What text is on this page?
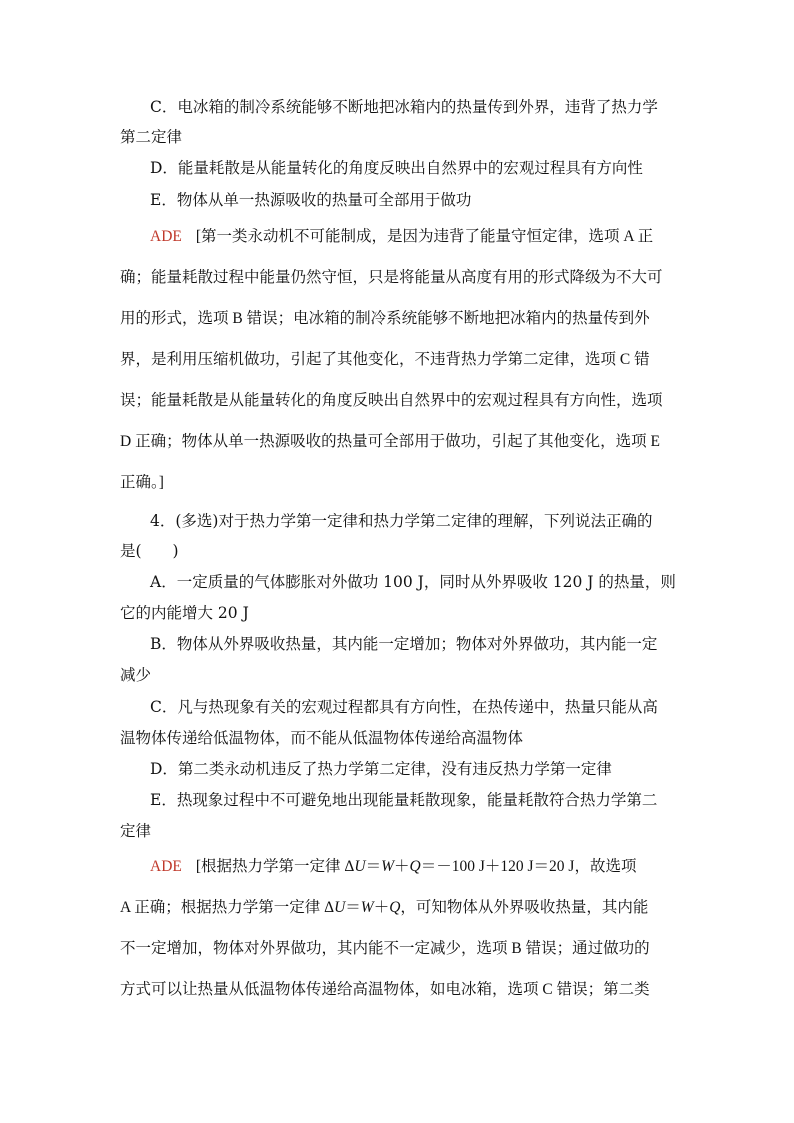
C．电冰箱的制冷系统能够不断地把冰箱内的热量传到外界，违背了热力学
第二定律
D．能量耗散是从能量转化的角度反映出自然界中的宏观过程具有方向性
E．物体从单一热源吸收的热量可全部用于做功
ADE [第一类永动机不可能制成，是因为违背了能量守恒定律，选项 A 正
确；能量耗散过程中能量仍然守恒，只是将能量从高度有用的形式降级为不大可
用的形式，选项 B 错误；电冰箱的制冷系统能够不断地把冰箱内的热量传到外
界，是利用压缩机做功，引起了其他变化，不违背热力学第二定律，选项 C 错
误；能量耗散是从能量转化的角度反映出自然界中的宏观过程具有方向性，选项
D 正确；物体从单一热源吸收的热量可全部用于做功，引起了其他变化，选项 E
正确。]
4．(多选)对于热力学第一定律和热力学第二定律的理解，下列说法正确的
是(　　)
A．一定质量的气体膨胀对外做功 100 J，同时从外界吸收 120 J 的热量，则
它的内能增大 20 J
B．物体从外界吸收热量，其内能一定增加；物体对外界做功，其内能一定
减少
C．凡与热现象有关的宏观过程都具有方向性，在热传递中，热量只能从高
温物体传递给低温物体，而不能从低温物体传递给高温物体
D．第二类永动机违反了热力学第二定律，没有违反热力学第一定律
E．热现象过程中不可避免地出现能量耗散现象，能量耗散符合热力学第二
定律
ADE [根据热力学第一定律 ΔU＝W＋Q＝－100 J＋120 J＝20 J，故选项
A 正确；根据热力学第一定律 ΔU＝W＋Q，可知物体从外界吸收热量，其内能
不一定增加，物体对外界做功，其内能不一定减少，选项 B 错误；通过做功的
方式可以让热量从低温物体传递给高温物体，如电冰箱，选项 C 错误；第二类
